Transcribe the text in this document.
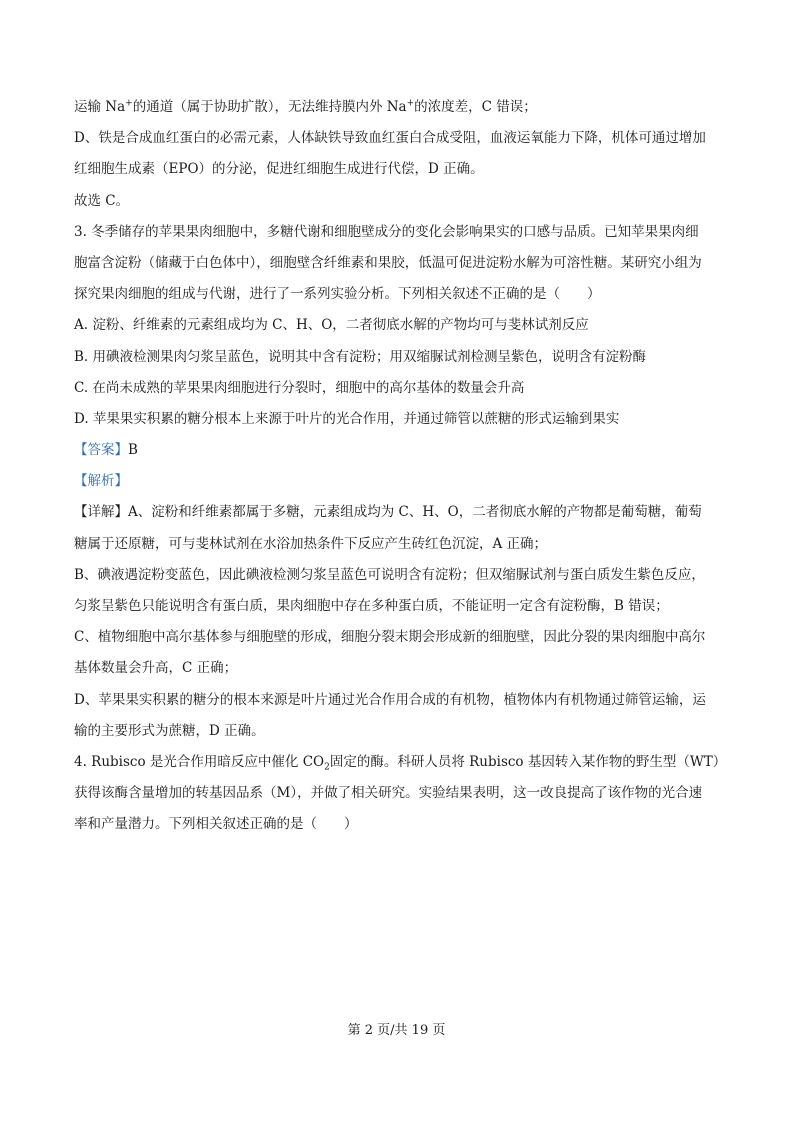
运输 Na+的通道（属于协助扩散），无法维持膜内外 Na+的浓度差，C 错误；
D、铁是合成血红蛋白的必需元素，人体缺铁导致血红蛋白合成受阻，血液运氧能力下降，机体可通过增加
红细胞生成素（EPO）的分泌，促进红细胞生成进行代偿，D 正确。
故选 C。
3. 冬季储存的苹果果肉细胞中，多糖代谢和细胞壁成分的变化会影响果实的口感与品质。已知苹果果肉细
胞富含淀粉（储藏于白色体中），细胞壁含纤维素和果胶，低温可促进淀粉水解为可溶性糖。某研究小组为
探究果肉细胞的组成与代谢，进行了一系列实验分析。下列相关叙述不正确的是（　　）
A. 淀粉、纤维素的元素组成均为 C、H、O，二者彻底水解的产物均可与斐林试剂反应
B. 用碘液检测果肉匀浆呈蓝色，说明其中含有淀粉；用双缩脲试剂检测呈紫色，说明含有淀粉酶
C. 在尚未成熟的苹果果肉细胞进行分裂时，细胞中的高尔基体的数量会升高
D. 苹果果实积累的糖分根本上来源于叶片的光合作用，并通过筛管以蔗糖的形式运输到果实
【答案】B
【解析】
【详解】A、淀粉和纤维素都属于多糖，元素组成均为 C、H、O，二者彻底水解的产物都是葡萄糖，葡萄
糖属于还原糖，可与斐林试剂在水浴加热条件下反应产生砖红色沉淀，A 正确；
B、碘液遇淀粉变蓝色，因此碘液检测匀浆呈蓝色可说明含有淀粉；但双缩脲试剂与蛋白质发生紫色反应，
匀浆呈紫色只能说明含有蛋白质，果肉细胞中存在多种蛋白质，不能证明一定含有淀粉酶，B 错误；
C、植物细胞中高尔基体参与细胞壁的形成，细胞分裂末期会形成新的细胞壁，因此分裂的果肉细胞中高尔
基体数量会升高，C 正确；
D、苹果果实积累的糖分的根本来源是叶片通过光合作用合成的有机物，植物体内有机物通过筛管运输，运
输的主要形式为蔗糖，D 正确。
4. Rubisco 是光合作用暗反应中催化 $CO_2$固定的酶。科研人员将 Rubisco 基因转入某作物的野生型（WT）
获得该酶含量增加的转基因品系（M），并做了相关研究。实验结果表明，这一改良提高了该作物的光合速
率和产量潜力。下列相关叙述正确的是（　　）
第 2 页/共 19 页
